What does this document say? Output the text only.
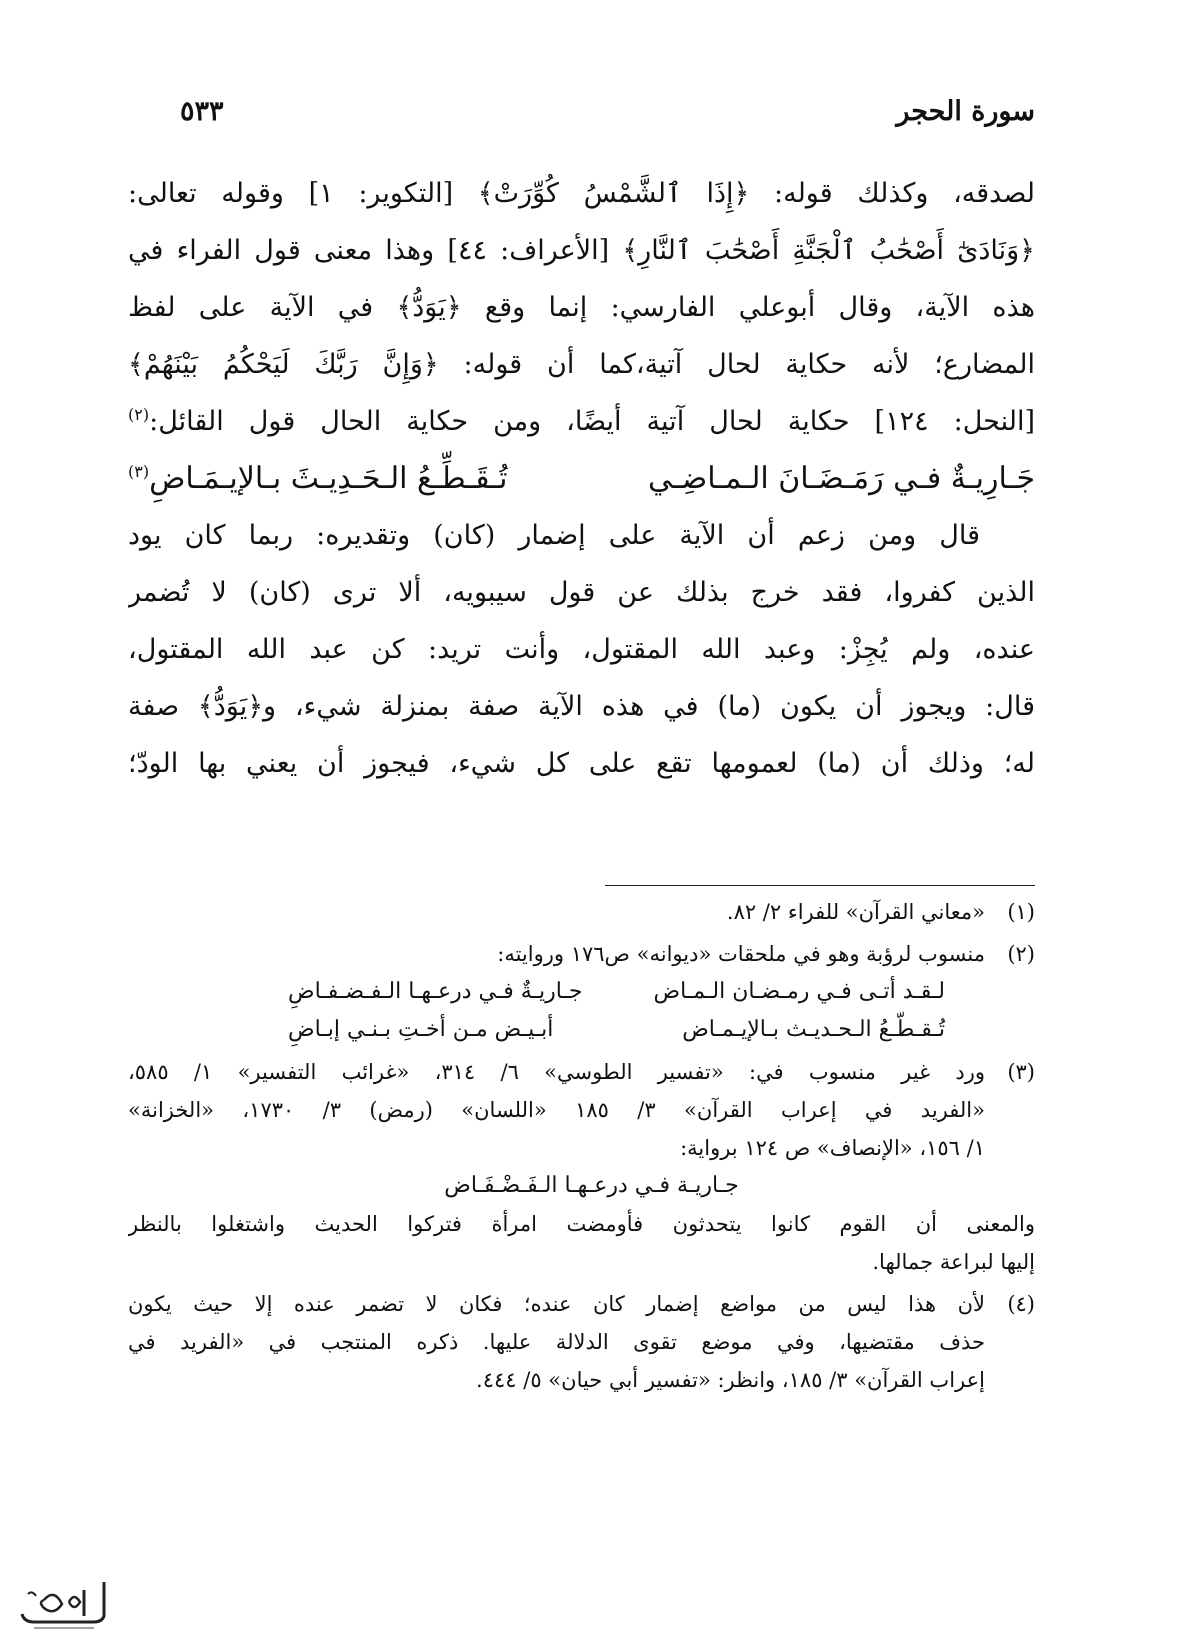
سورة الحجر
٥٣٣
لصدقه، وكذلك قوله: ﴿إِذَا ٱلشَّمْسُ كُوِّرَتْ﴾ [التكوير: ١] وقوله تعالى:
﴿وَنَادَىٰٓ أَصْحَٰبُ ٱلْجَنَّةِ أَصْحَٰبَ ٱلنَّارِ﴾ [الأعراف: ٤٤] وهذا معنى قول الفراء في
هذه الآية، وقال أبوعلي الفارسي: إنما وقع ﴿يَوَدُّ﴾ في الآية على لفظ
المضارع؛ لأنه حكاية لحال آتية،كما أن قوله: ﴿وَإِنَّ رَبَّكَ لَيَحْكُمُ بَيْنَهُمْ﴾
[النحل: ١٢٤] حكاية لحال آتية أيضًا، ومن حكاية الحال قول القائل:$^{(٢)}$
جَـارِيـةٌ فـي رَمَـضَـانَ الـمـاضِـي
تُـقَـطِّـعُ الـحَـدِيـثَ بـالإيـمَـاضِ$^{(٣)}$
قال ومن زعم أن الآية على إضمار (كان) وتقديره: ربما كان يود
الذين كفروا، فقد خرج بذلك عن قول سيبويه، ألا ترى (كان) لا تُضمر
عنده، ولم يُجِزْ: وعبد الله المقتول، وأنت تريد: كن عبد الله المقتول،
قال: ويجوز أن يكون (ما) في هذه الآية صفة بمنزلة شيء، و﴿يَوَدُّ﴾ صفة
له؛ وذلك أن (ما) لعمومها تقع على كل شيء، فيجوز أن يعني بها الودّ؛
(١)
«معاني القرآن» للفراء ٢/ ٨٢.
(٢)
منسوب لرؤبة وهو في ملحقات «ديوانه» ص١٧٦ وروايته:
لـقـد أتـى فـي رمـضـان الـمـاض
جـاريـةٌ فـي درعـهـا الـفـضـفـاضِ
تُـقـطّـعُ الـحـديـث بـالإيـمـاض
أبـيـض مـن أخـتِ بـنـي إبـاضِ
(٣)
ورد غير منسوب في: «تفسير الطوسي» ٦/ ٣١٤، «غرائب التفسير» ١/ ٥٨٥،
«الفريد في إعراب القرآن» ٣/ ١٨٥ «اللسان» (رمض) ٣/ ١٧٣٠، «الخزانة»
١/ ١٥٦، «الإنصاف» ص ١٢٤ برواية:
جـاريـة فـي درعـهـا الـفَـضْـفَـاض
والمعنى أن القوم كانوا يتحدثون فأومضت امرأة فتركوا الحديث واشتغلوا بالنظر
إليها لبراعة جمالها.
(٤)
لأن هذا ليس من مواضع إضمار كان عنده؛ فكان لا تضمر عنده إلا حيث يكون
حذف مقتضيها، وفي موضع تقوى الدلالة عليها. ذكره المنتجب في «الفريد في
إعراب القرآن» ٣/ ١٨٥، وانظر: «تفسير أبي حيان» ٥/ ٤٤٤.
